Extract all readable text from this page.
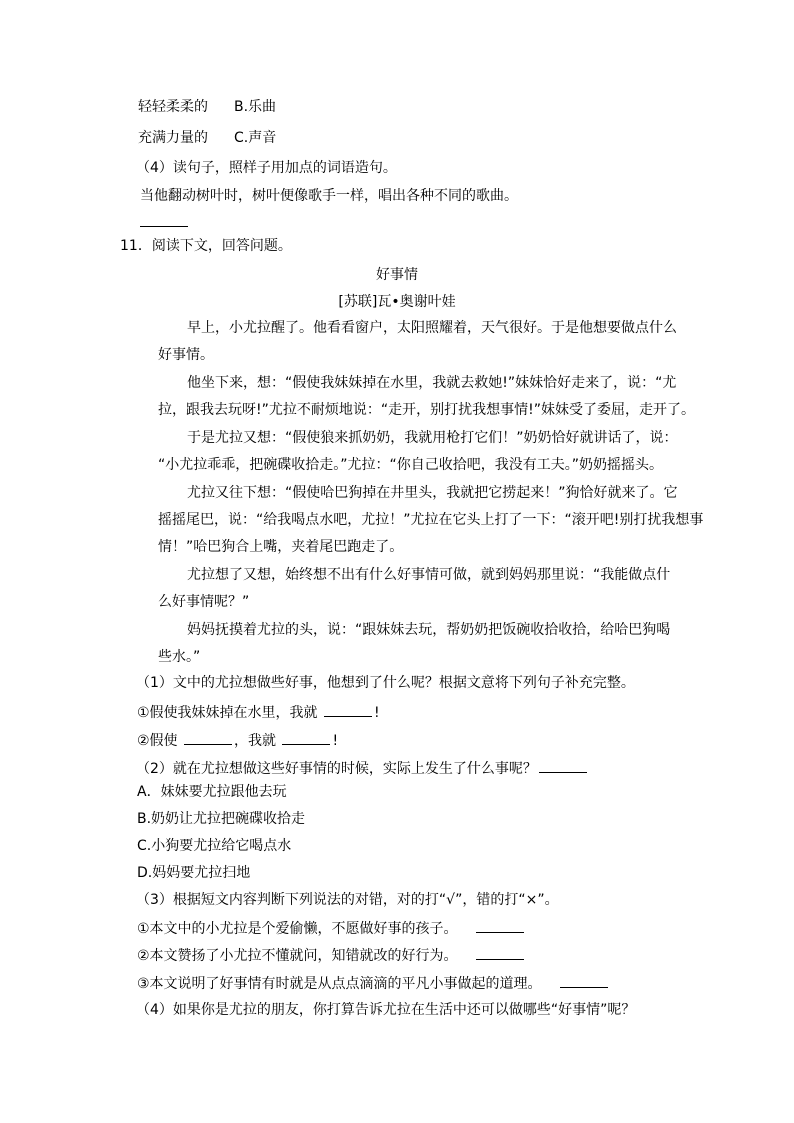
轻轻柔柔的 B.乐曲
充满力量的 C.声音
（4）读句子，照样子用加点的词语造句。
当他翻动树叶时，树叶便像歌手一样，唱出各种不同的歌曲。
11．阅读下文，回答问题。
好事情
[苏联]瓦•奥谢叶娃
早上，小尤拉醒了。他看看窗户，太阳照耀着，天气很好。于是他想要做点什么
好事情。
他坐下来，想：“假使我妹妹掉在水里，我就去救她!”妹妹恰好走来了，说：“尤
拉，跟我去玩呀!”尤拉不耐烦地说：“走开，别打扰我想事情!”妹妹受了委屈，走开了。
于是尤拉又想：“假使狼来抓奶奶，我就用枪打它们！”奶奶恰好就讲话了，说：
“小尤拉乖乖，把碗碟收拾走。”尤拉：“你自己收拾吧，我没有工夫。”奶奶摇摇头。
尤拉又往下想：“假使哈巴狗掉在井里头，我就把它捞起来！”狗恰好就来了。它
摇摇尾巴，说：“给我喝点水吧，尤拉！”尤拉在它头上打了一下：“滚开吧!别打扰我想事
情！”哈巴狗合上嘴，夹着尾巴跑走了。
尤拉想了又想，始终想不出有什么好事情可做，就到妈妈那里说：“我能做点什
么好事情呢？”
妈妈抚摸着尤拉的头，说：“跟妹妹去玩，帮奶奶把饭碗收拾收拾，给哈巴狗喝
些水。”
（1）文中的尤拉想做些好事，他想到了什么呢？根据文意将下列句子补充完整。
①假使我妹妹掉在水里，我就	!
②假使	，我就	!
（2）就在尤拉想做这些好事情的时候，实际上发生了什么事呢？
A．妹妹要尤拉跟他去玩
B.奶奶让尤拉把碗碟收拾走
C.小狗要尤拉给它喝点水
D.妈妈要尤拉扫地
（3）根据短文内容判断下列说法的对错，对的打“√”，错的打“×”。
①本文中的小尤拉是个爱偷懒，不愿做好事的孩子。
②本文赞扬了小尤拉不懂就问，知错就改的好行为。
③本文说明了好事情有时就是从点点滴滴的平凡小事做起的道理。
（4）如果你是尤拉的朋友，你打算告诉尤拉在生活中还可以做哪些“好事情”呢？
